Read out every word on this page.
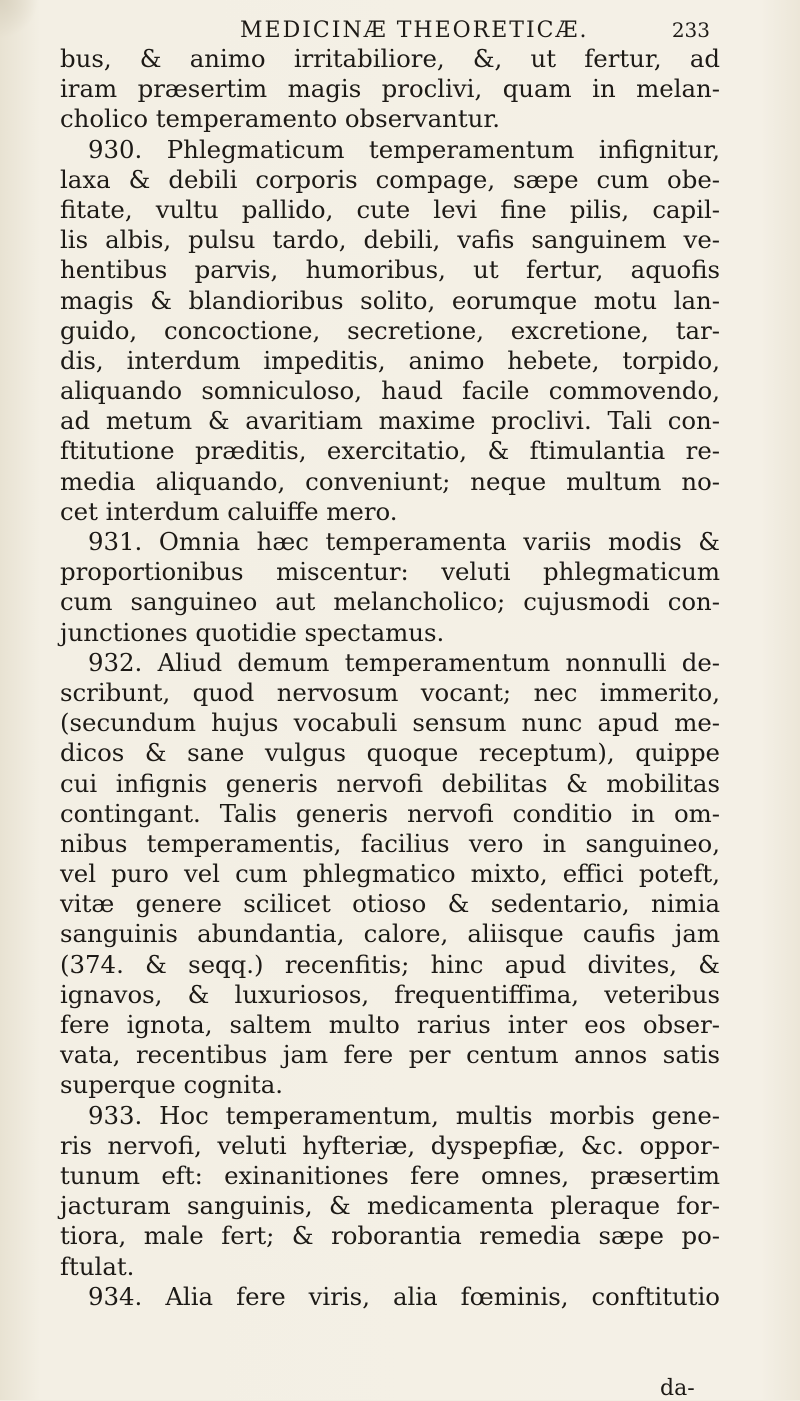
MEDICINÆ THEORETICÆ.	233
bus, & animo irritabiliore, &, ut fertur, ad
iram præsertim magis proclivi, quam in melan-
cholico temperamento observantur.
930. Phlegmaticum temperamentum infignitur,
laxa & debili corporis compage, sæpe cum obe-
fitate, vultu pallido, cute levi fine pilis, capil-
lis albis, pulsu tardo, debili, vafis sanguinem ve-
hentibus parvis, humoribus, ut fertur, aquofis
magis & blandioribus solito, eorumque motu lan-
guido, concoctione, secretione, excretione, tar-
dis, interdum impeditis, animo hebete, torpido,
aliquando somniculoso, haud facile commovendo,
ad metum & avaritiam maxime proclivi. Tali con-
ftitutione præditis, exercitatio, & ftimulantia re-
media aliquando, conveniunt; neque multum no-
cet interdum caluiffe mero.
931. Omnia hæc temperamenta variis modis &
proportionibus miscentur: veluti phlegmaticum
cum sanguineo aut melancholico; cujusmodi con-
junctiones quotidie spectamus.
932. Aliud demum temperamentum nonnulli de-
scribunt, quod nervosum vocant; nec immerito,
(secundum hujus vocabuli sensum nunc apud me-
dicos & sane vulgus quoque receptum), quippe
cui infignis generis nervofi debilitas & mobilitas
contingant. Talis generis nervofi conditio in om-
nibus temperamentis, facilius vero in sanguineo,
vel puro vel cum phlegmatico mixto, effici poteft,
vitæ genere scilicet otioso & sedentario, nimia
sanguinis abundantia, calore, aliisque caufis jam
(374. & seqq.) recenfitis; hinc apud divites, &
ignavos, & luxuriosos, frequentiffima, veteribus
fere ignota, saltem multo rarius inter eos obser-
vata, recentibus jam fere per centum annos satis
superque cognita.
933. Hoc temperamentum, multis morbis gene-
ris nervofi, veluti hyfteriæ, dyspepfiæ, &c. oppor-
tunum eft: exinanitiones fere omnes, præsertim
jacturam sanguinis, & medicamenta pleraque for-
tiora, male fert; & roborantia remedia sæpe po-
ftulat.
934. Alia fere viris, alia fœminis, conftitutio
da-
